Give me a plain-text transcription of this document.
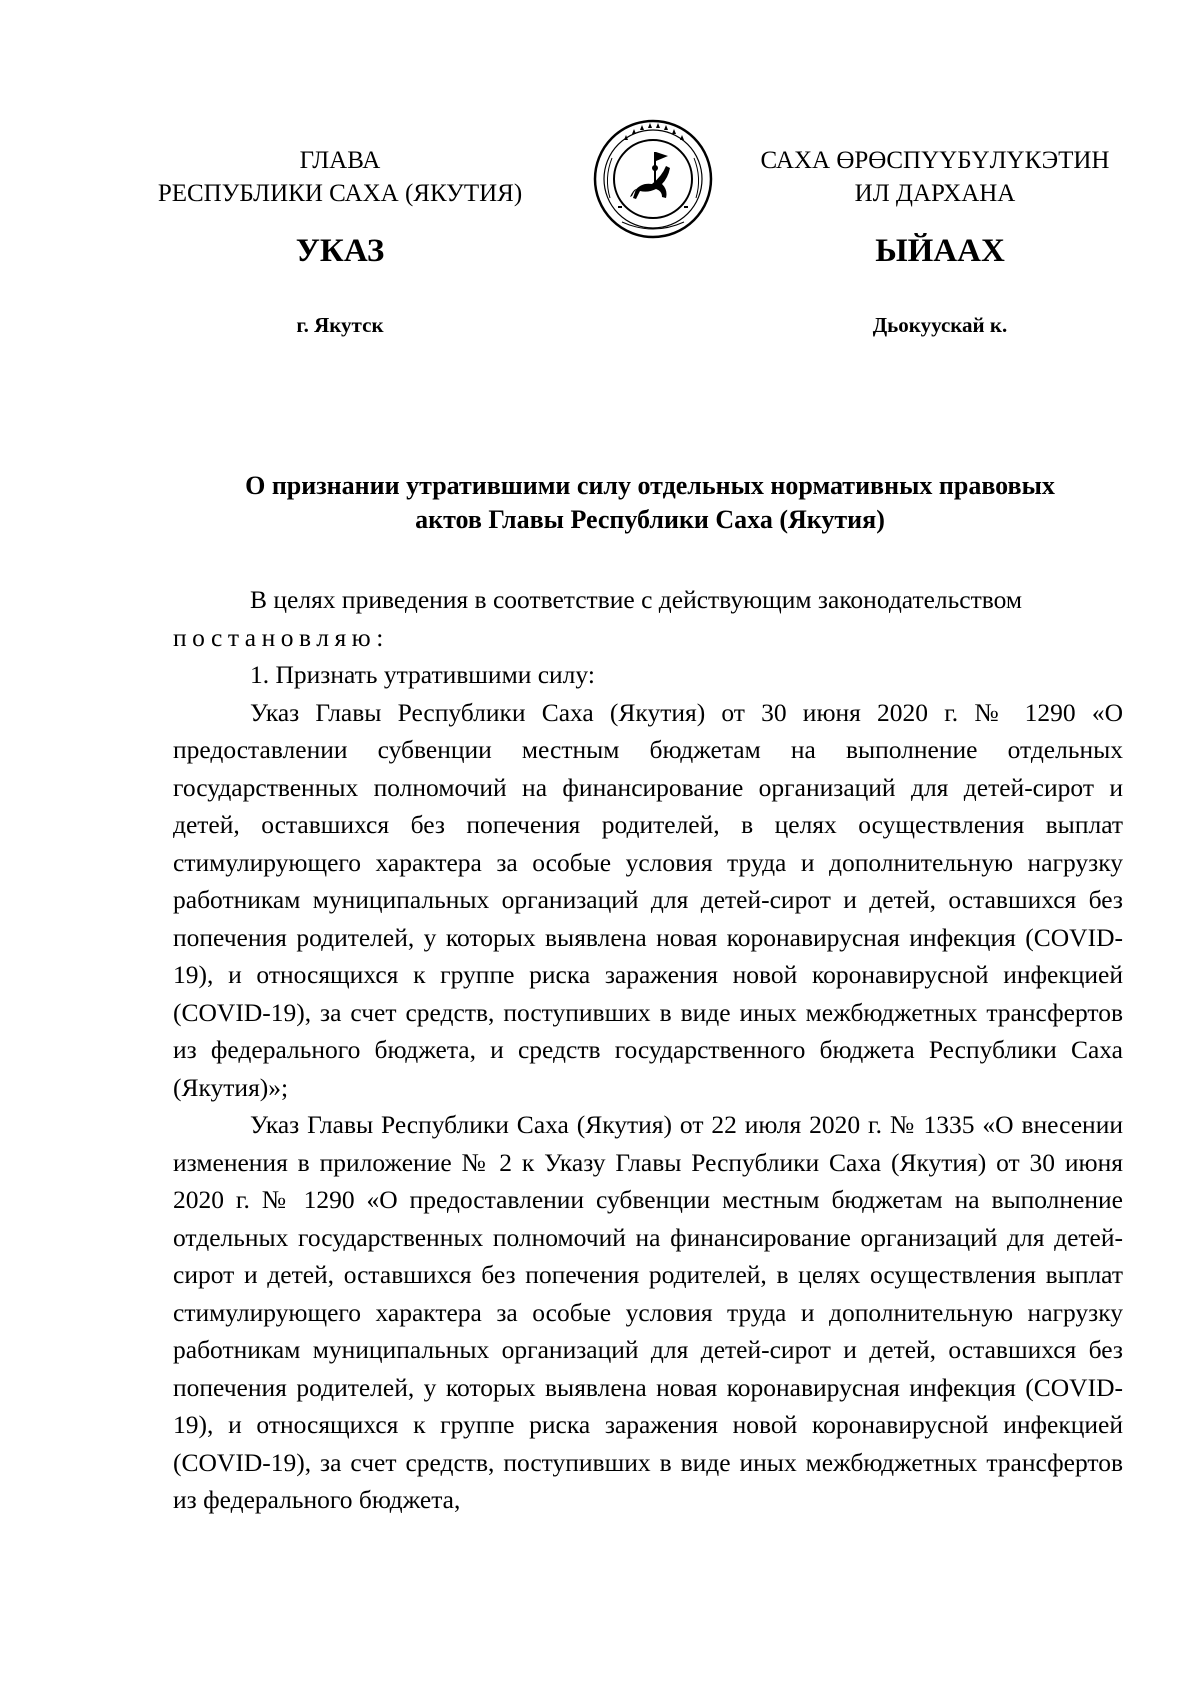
ГЛАВА
РЕСПУБЛИКИ САХА (ЯКУТИЯ)
САХА ӨРӨСПҮҮБҮЛҮКЭТИН
ИЛ ДАРХАНА
УКАЗ	ЫЙААХ
г. Якутск	Дьокуускай к.
О признании утратившими силу отдельных нормативных правовых
актов Главы Республики Саха (Якутия)

В целях приведения в соответствие с действующим законодательством

постановляю:

1. Признать утратившими силу:

Указ Главы Республики Саха (Якутия) от 30 июня 2020 г. № 1290 «О предоставлении субвенции местным бюджетам на выполнение отдельных государственных полномочий на финансирование организаций для детей-сирот и детей, оставшихся без попечения родителей, в целях осуществления выплат стимулирующего характера за особые условия труда и дополнительную нагрузку работникам муниципальных организаций для детей-сирот и детей, оставшихся без попечения родителей, у которых выявлена новая коронавирусная инфекция (COVID-19), и относящихся к группе риска заражения новой коронавирусной инфекцией (COVID-19), за счет средств, поступивших в виде иных межбюджетных трансфертов из федерального бюджета, и средств государственного бюджета Республики Саха (Якутия)»;

Указ Главы Республики Саха (Якутия) от 22 июля 2020 г. № 1335 «О внесении изменения в приложение № 2 к Указу Главы Республики Саха (Якутия) от 30 июня 2020 г. № 1290 «О предоставлении субвенции местным бюджетам на выполнение отдельных государственных полномочий на финансирование организаций для детей-сирот и детей, оставшихся без попечения родителей, в целях осуществления выплат стимулирующего характера за особые условия труда и дополнительную нагрузку работникам муниципальных организаций для детей-сирот и детей, оставшихся без попечения родителей, у которых выявлена новая коронавирусная инфекция (COVID-19), и относящихся к группе риска заражения новой коронавирусной инфекцией (COVID-19), за счет средств, поступивших в виде иных межбюджетных трансфертов из федерального бюджета,
